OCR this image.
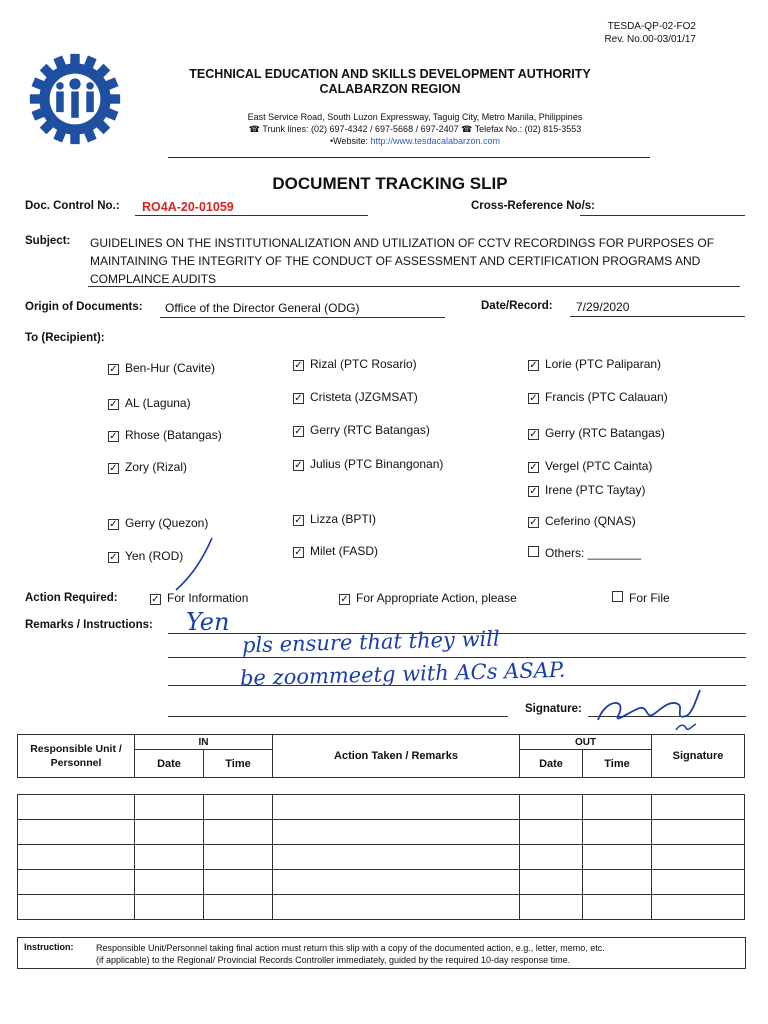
TESDA-QP-02-FO2
Rev. No.00-03/01/17
TECHNICAL EDUCATION AND SKILLS DEVELOPMENT AUTHORITY
CALABARZON REGION
East Service Road, South Luzon Expressway, Taguig City, Metro Manila, Philippines
☎ Trunk lines: (02) 697-4342 / 697-5668 / 697-2407 ☎ Telefax No.: (02) 815-3553
•Website: http://www.tesdacalabarzon.com
DOCUMENT TRACKING SLIP
Doc. Control No.: RO4A-20-01059	Cross-Reference No/s:
Subject: GUIDELINES ON THE INSTITUTIONALIZATION AND UTILIZATION OF CCTV RECORDINGS FOR PURPOSES OF MAINTAINING THE INTEGRITY OF THE CONDUCT OF ASSESSMENT AND CERTIFICATION PROGRAMS AND COMPLAINCE AUDITS
Origin of Documents: Office of the Director General (ODG)	Date/Record: 7/29/2020
To (Recipient):
✓ Ben-Hur (Cavite)
✓ AL (Laguna)
✓ Rhose (Batangas)
✓ Zory (Rizal)
✓ Gerry (Quezon)
✓ Yen (ROD)
✓ Rizal (PTC Rosario)
✓ Cristeta (JZGMSAT)
✓ Gerry (RTC Batangas)
✓ Julius (PTC Binangonan)
✓ Lizza (BPTI)
✓ Milet (FASD)
✓ Lorie (PTC Paliparan)
✓ Francis (PTC Calauan)
✓ Gerry (RTC Batangas)
✓ Vergel (PTC Cainta)
✓ Irene (PTC Taytay)
✓ Ceferino (QNAS)
Others: ________
Action Required:	✓ For Information	✓ For Appropriate Action, please	For File
Remarks / Instructions: Yen
pls ensure that they will
be zoommeetg with ACs ASAP.
Signature:
Responsible Unit / Personnel	IN		Action Taken / Remarks	OUT		Signature
	Date	Time		Date	Time	

Instruction:	Responsible Unit/Personnel taking final action must return this slip with a copy of the documented action, e.g., letter, memo, etc.
(if applicable) to the Regional/ Provincial Records Controller immediately, guided by the required 10-day response time.
